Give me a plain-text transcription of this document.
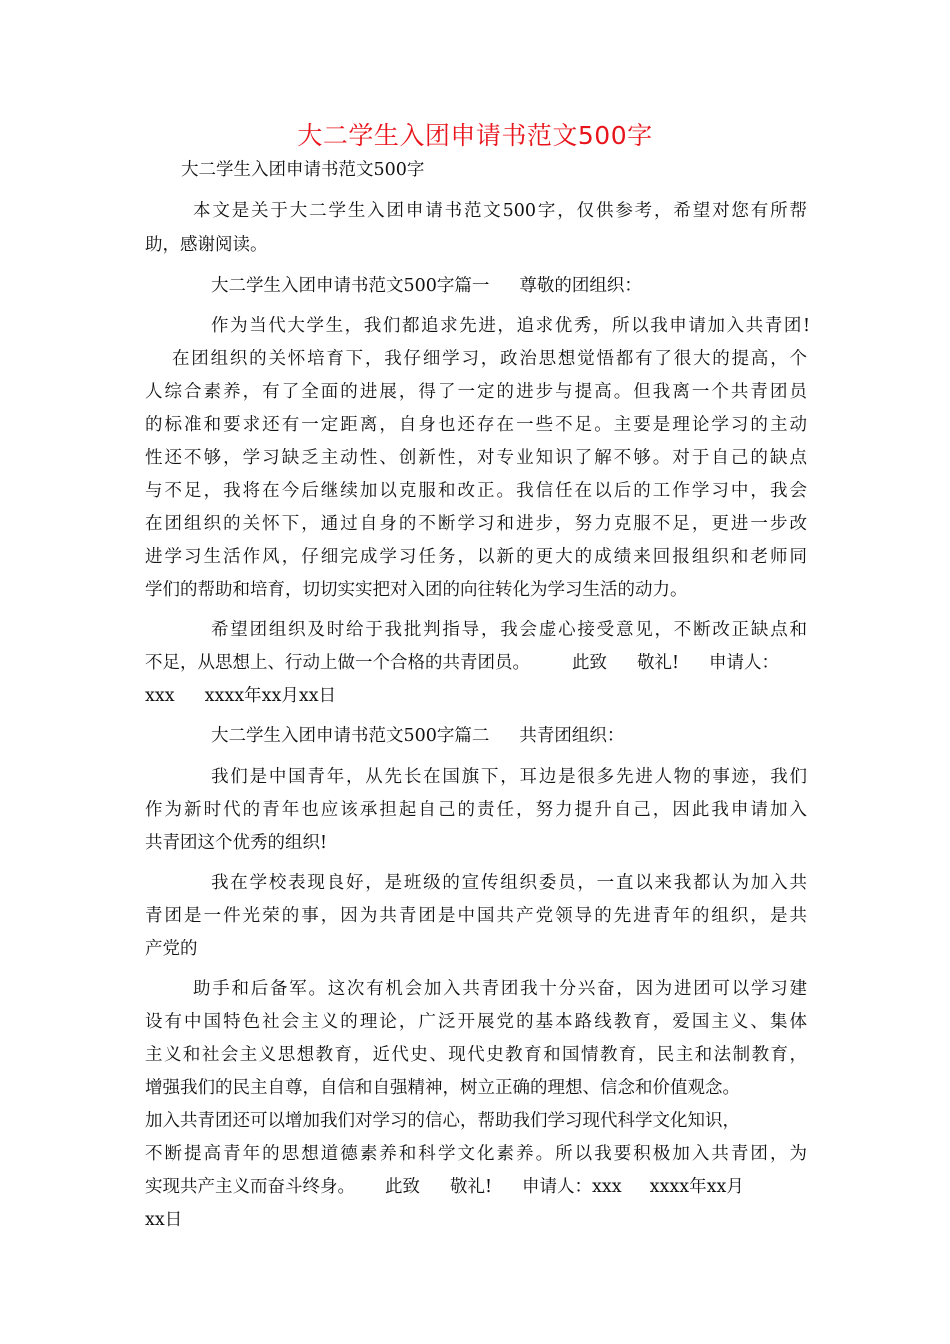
大二学生入团申请书范文500字
大二学生入团申请书范文500字
本文是关于大二学生入团申请书范文500字，仅供参考，希望对您有所帮
助，感谢阅读。
大二学生入团申请书范文500字篇一 尊敬的团组织：
作为当代大学生，我们都追求先进，追求优秀，所以我申请加入共青团!
在团组织的关怀培育下，我仔细学习，政治思想觉悟都有了很大的提高，个
人综合素养，有了全面的进展，得了一定的进步与提高。但我离一个共青团员
的标准和要求还有一定距离，自身也还存在一些不足。主要是理论学习的主动
性还不够，学习缺乏主动性、创新性，对专业知识了解不够。对于自己的缺点
与不足，我将在今后继续加以克服和改正。我信任在以后的工作学习中，我会
在团组织的关怀下，通过自身的不断学习和进步，努力克服不足，更进一步改
进学习生活作风，仔细完成学习任务，以新的更大的成绩来回报组织和老师同
学们的帮助和培育，切切实实把对入团的向往转化为学习生活的动力。
希望团组织及时给于我批判指导，我会虚心接受意见，不断改正缺点和
不足，从思想上、行动上做一个合格的共青团员。 此致 敬礼! 申请人：
xxx xxxx年xx月xx日
大二学生入团申请书范文500字篇二 共青团组织：
我们是中国青年，从先长在国旗下，耳边是很多先进人物的事迹，我们
作为新时代的青年也应该承担起自己的责任，努力提升自己，因此我申请加入
共青团这个优秀的组织!
我在学校表现良好，是班级的宣传组织委员，一直以来我都认为加入共
青团是一件光荣的事，因为共青团是中国共产党领导的先进青年的组织，是共
产党的
助手和后备军。这次有机会加入共青团我十分兴奋，因为进团可以学习建
设有中国特色社会主义的理论，广泛开展党的基本路线教育，爱国主义、集体
主义和社会主义思想教育，近代史、现代史教育和国情教育，民主和法制教育，
增强我们的民主自尊，自信和自强精神，树立正确的理想、信念和价值观念。
加入共青团还可以增加我们对学习的信心，帮助我们学习现代科学文化知识，
不断提高青年的思想道德素养和科学文化素养。所以我要积极加入共青团，为
实现共产主义而奋斗终身。 此致 敬礼! 申请人：xxx xxxx年xx月
xx日
